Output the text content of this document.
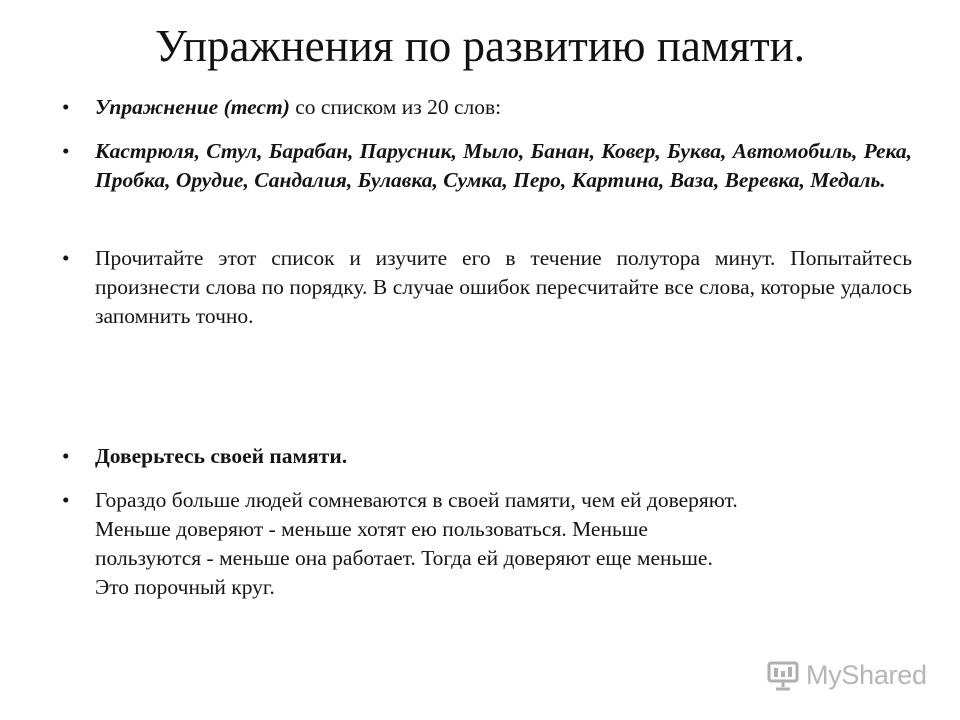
Упражнения по развитию памяти.
•	Упражнение (тест) со списком из 20 слов:
•	Кастрюля, Стул, Барабан, Парусник, Мыло, Банан, Ковер, Буква, Автомобиль, Река, Пробка, Орудие, Сандалия, Булавка, Сумка, Перо, Картина, Ваза, Веревка, Медаль.
•	Прочитайте этот список и изучите его в течение полутора минут. Попытайтесь произнести слова по порядку. В случае ошибок пересчитайте все слова, которые удалось запомнить точно.
•	Доверьтесь своей памяти.
•	Гораздо больше людей сомневаются в своей памяти, чем ей доверяют.
Меньше доверяют - меньше хотят ею пользоваться. Меньше
пользуются - меньше она работает. Тогда ей доверяют еще меньше.
Это порочный круг.
MyShared
